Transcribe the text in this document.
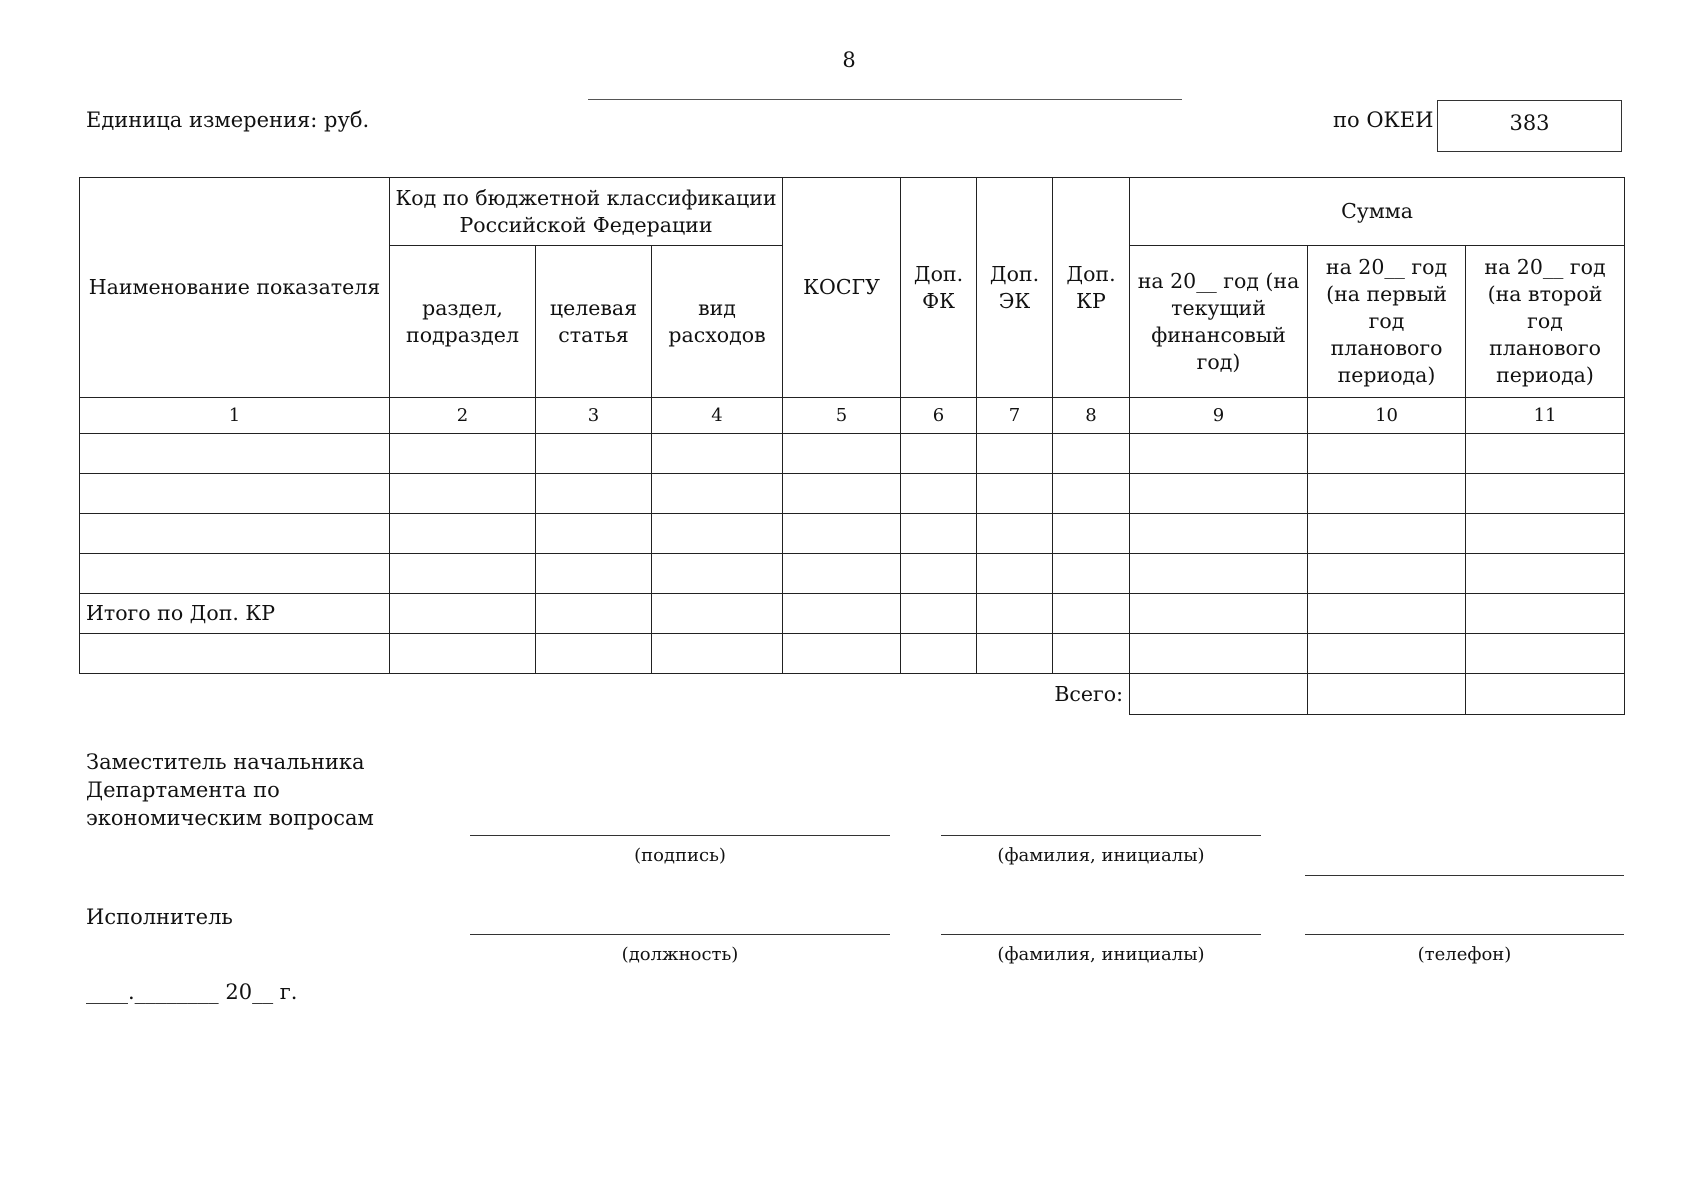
8
Единица измерения: руб.	по ОКЕИ	383
Наименование показателя	Код по бюджетной классификации Российской Федерации			КОСГУ	Доп. ФК	Доп. ЭК	Доп. КР	Сумма		
	раздел, подраздел	целевая статья	вид расходов					на 20__ год (на текущий финансовый год)	на 20__ год (на первый год планового периода)	на 20__ год (на второй год планового периода)
1	2	3	4	5	6	7	8	9	10	11

Итого по Доп. КР										

Всего:										
Заместитель начальника Департамента по экономическим вопросам
(подпись)	(фамилия, инициалы)
Исполнитель
(должность)	(фамилия, инициалы)	(телефон)
____.________ 20__ г.
